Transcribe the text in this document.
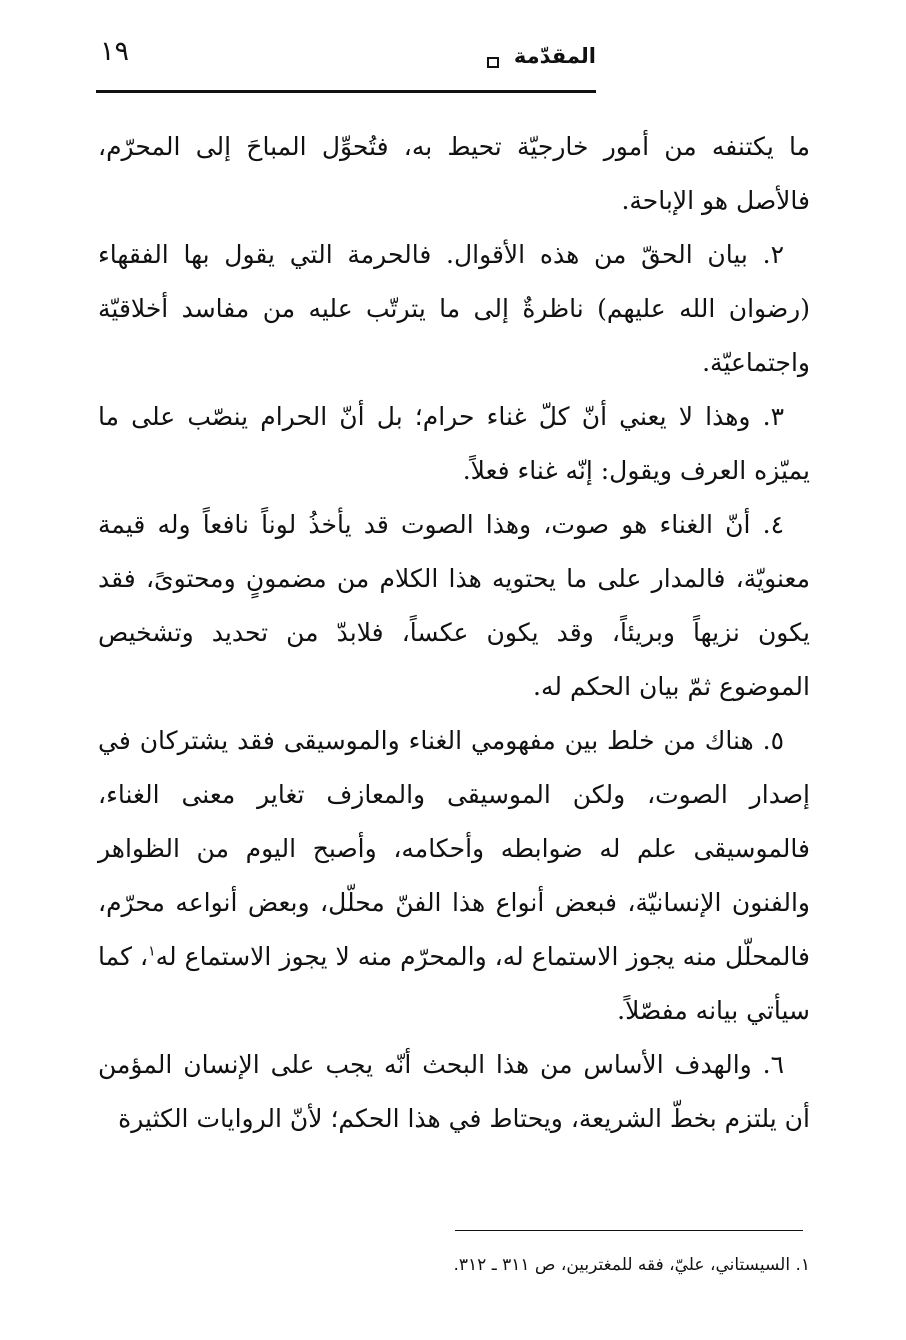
المقدّمة
١٩

ما يكتنفه من أمور خارجيّة تحيط به، فتُحوِّل المباحَ إلى المحرّم، فالأصل هو الإباحة.

٢. بيان الحقّ من هذه الأقوال. فالحرمة التي يقول بها الفقهاء (رضوان الله عليهم) ناظرةٌ إلى ما يترتّب عليه من مفاسد أخلاقيّة واجتماعيّة.

٣. وهذا لا يعني أنّ كلّ غناء حرام؛ بل أنّ الحرام ينصّب على ما يميّزه العرف ويقول: إنّه غناء فعلاً.

٤. أنّ الغناء هو صوت، وهذا الصوت قد يأخذُ لوناً نافعاً وله قيمة معنويّة، فالمدار على ما يحتويه هذا الكلام من مضمونٍ ومحتوىً، فقد يكون نزيهاً وبريئاً، وقد يكون عكساً، فلابدّ من تحديد وتشخيص الموضوع ثمّ بيان الحكم له.

٥. هناك من خلط بين مفهومي الغناء والموسيقى فقد يشتركان في إصدار الصوت، ولكن الموسيقى والمعازف تغاير معنى الغناء، فالموسيقى علم له ضوابطه وأحكامه، وأصبح اليوم من الظواهر والفنون الإنسانيّة، فبعض أنواع هذا الفنّ محلّل، وبعض أنواعه محرّم، فالمحلّل منه يجوز الاستماع له، والمحرّم منه لا يجوز الاستماع له$^١$، كما سيأتي بيانه مفصّلاً.

٦. والهدف الأساس من هذا البحث أنّه يجب على الإنسان المؤمن أن يلتزم بخطّ الشريعة، ويحتاط في هذا الحكم؛ لأنّ الروايات الكثيرة

١. السيستاني، عليّ، فقه للمغتربين، ص ٣١١ ـ ٣١٢.
